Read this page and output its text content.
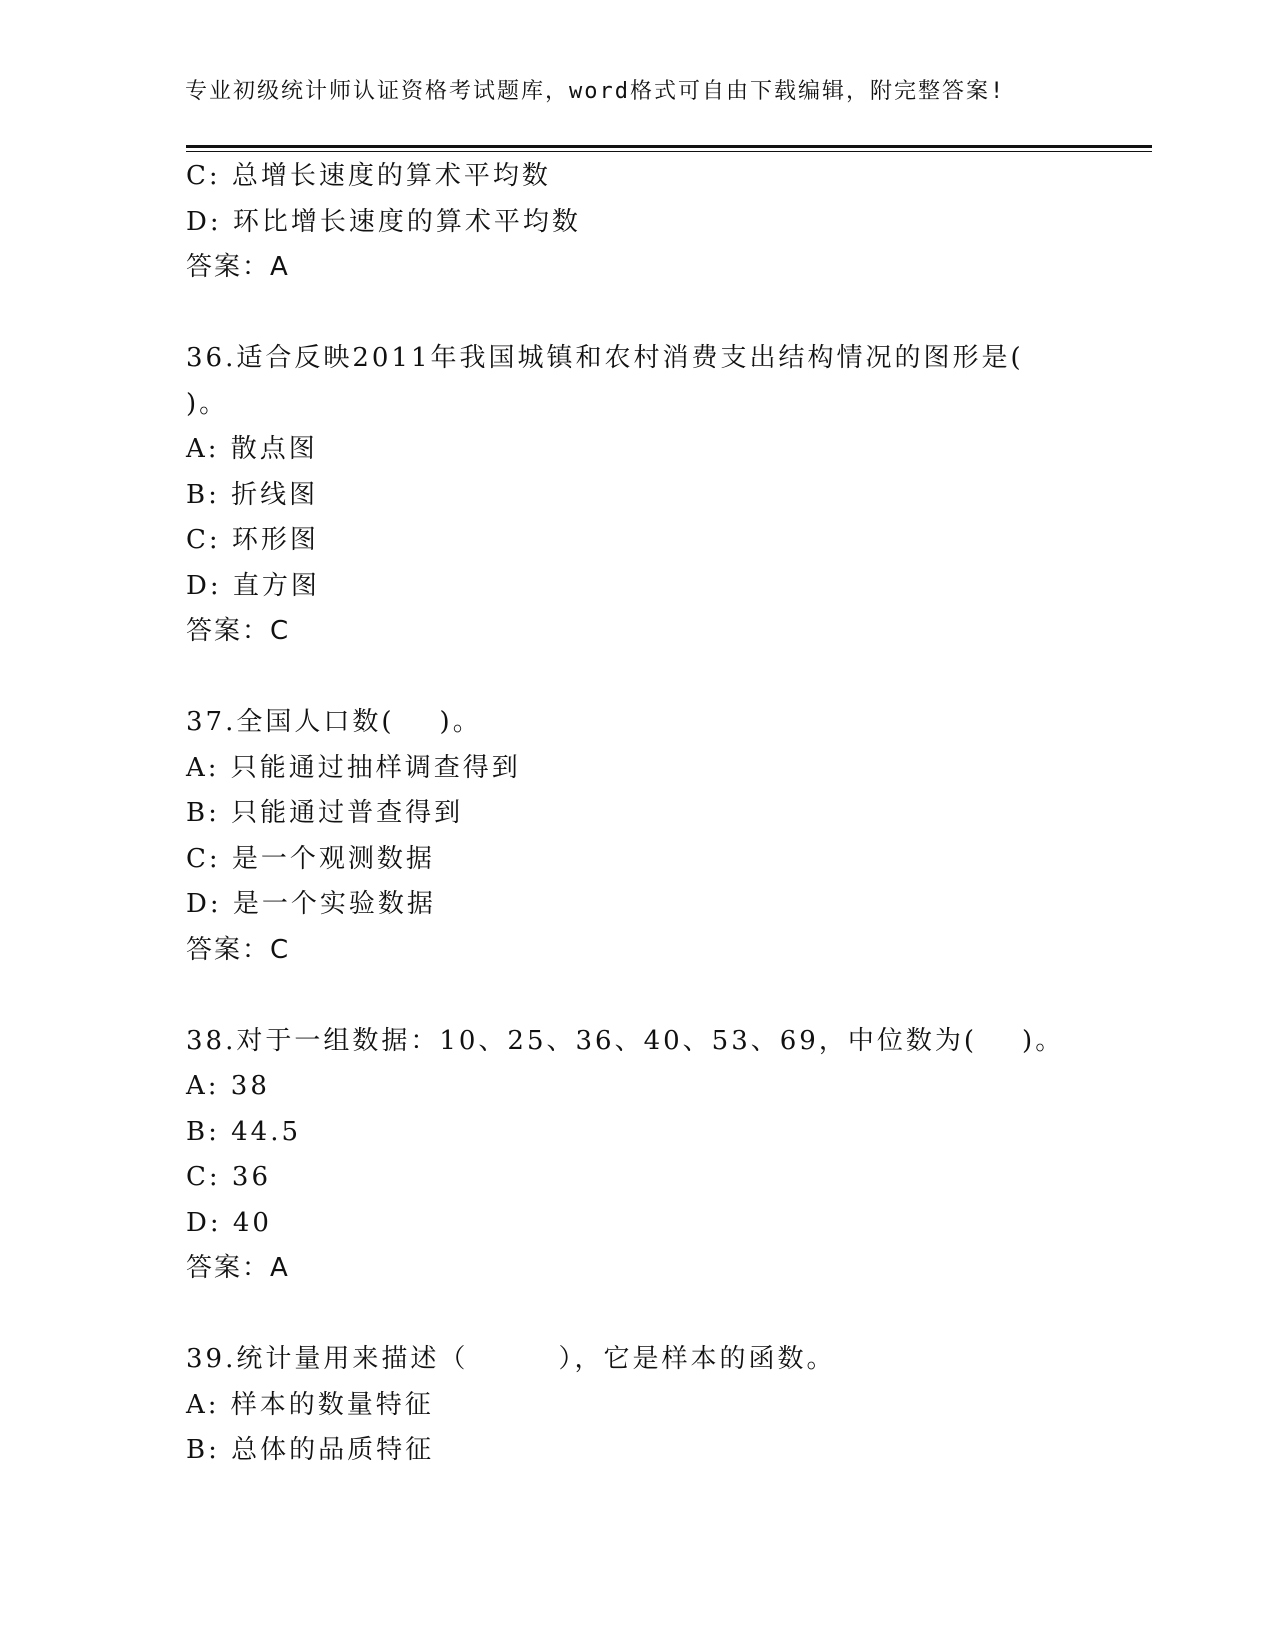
专业初级统计师认证资格考试题库，word格式可自由下载编辑，附完整答案!
C: 总增长速度的算术平均数
D: 环比增长速度的算术平均数
答案：A
36.适合反映2011年我国城镇和农村消费支出结构情况的图形是(
)。
A: 散点图
B: 折线图
C: 环形图
D: 直方图
答案：C
37.全国人口数(    )。
A: 只能通过抽样调查得到
B: 只能通过普查得到
C: 是一个观测数据
D: 是一个实验数据
答案：C
38.对于一组数据：10、25、36、40、53、69，中位数为(    )。
A: 38
B: 44.5
C: 36
D: 40
答案：A
39.统计量用来描述（        ），它是样本的函数。
A: 样本的数量特征
B: 总体的品质特征
